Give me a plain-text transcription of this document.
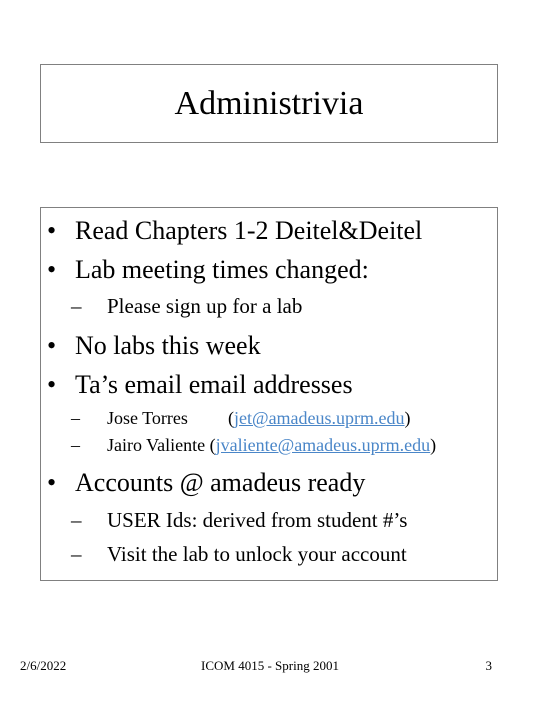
Administrivia
• Read Chapters 1-2 Deitel&Deitel
• Lab meeting times changed:
– Please sign up for a lab
• No labs this week
• Ta’s email email addresses
– Jose Torres (jet@amadeus.uprm.edu)
– Jairo Valiente (jvaliente@amadeus.uprm.edu)
• Accounts @ amadeus ready
– USER Ids: derived from student #’s
– Visit the lab to unlock your account
2/6/2022	ICOM 4015 - Spring 2001	3
